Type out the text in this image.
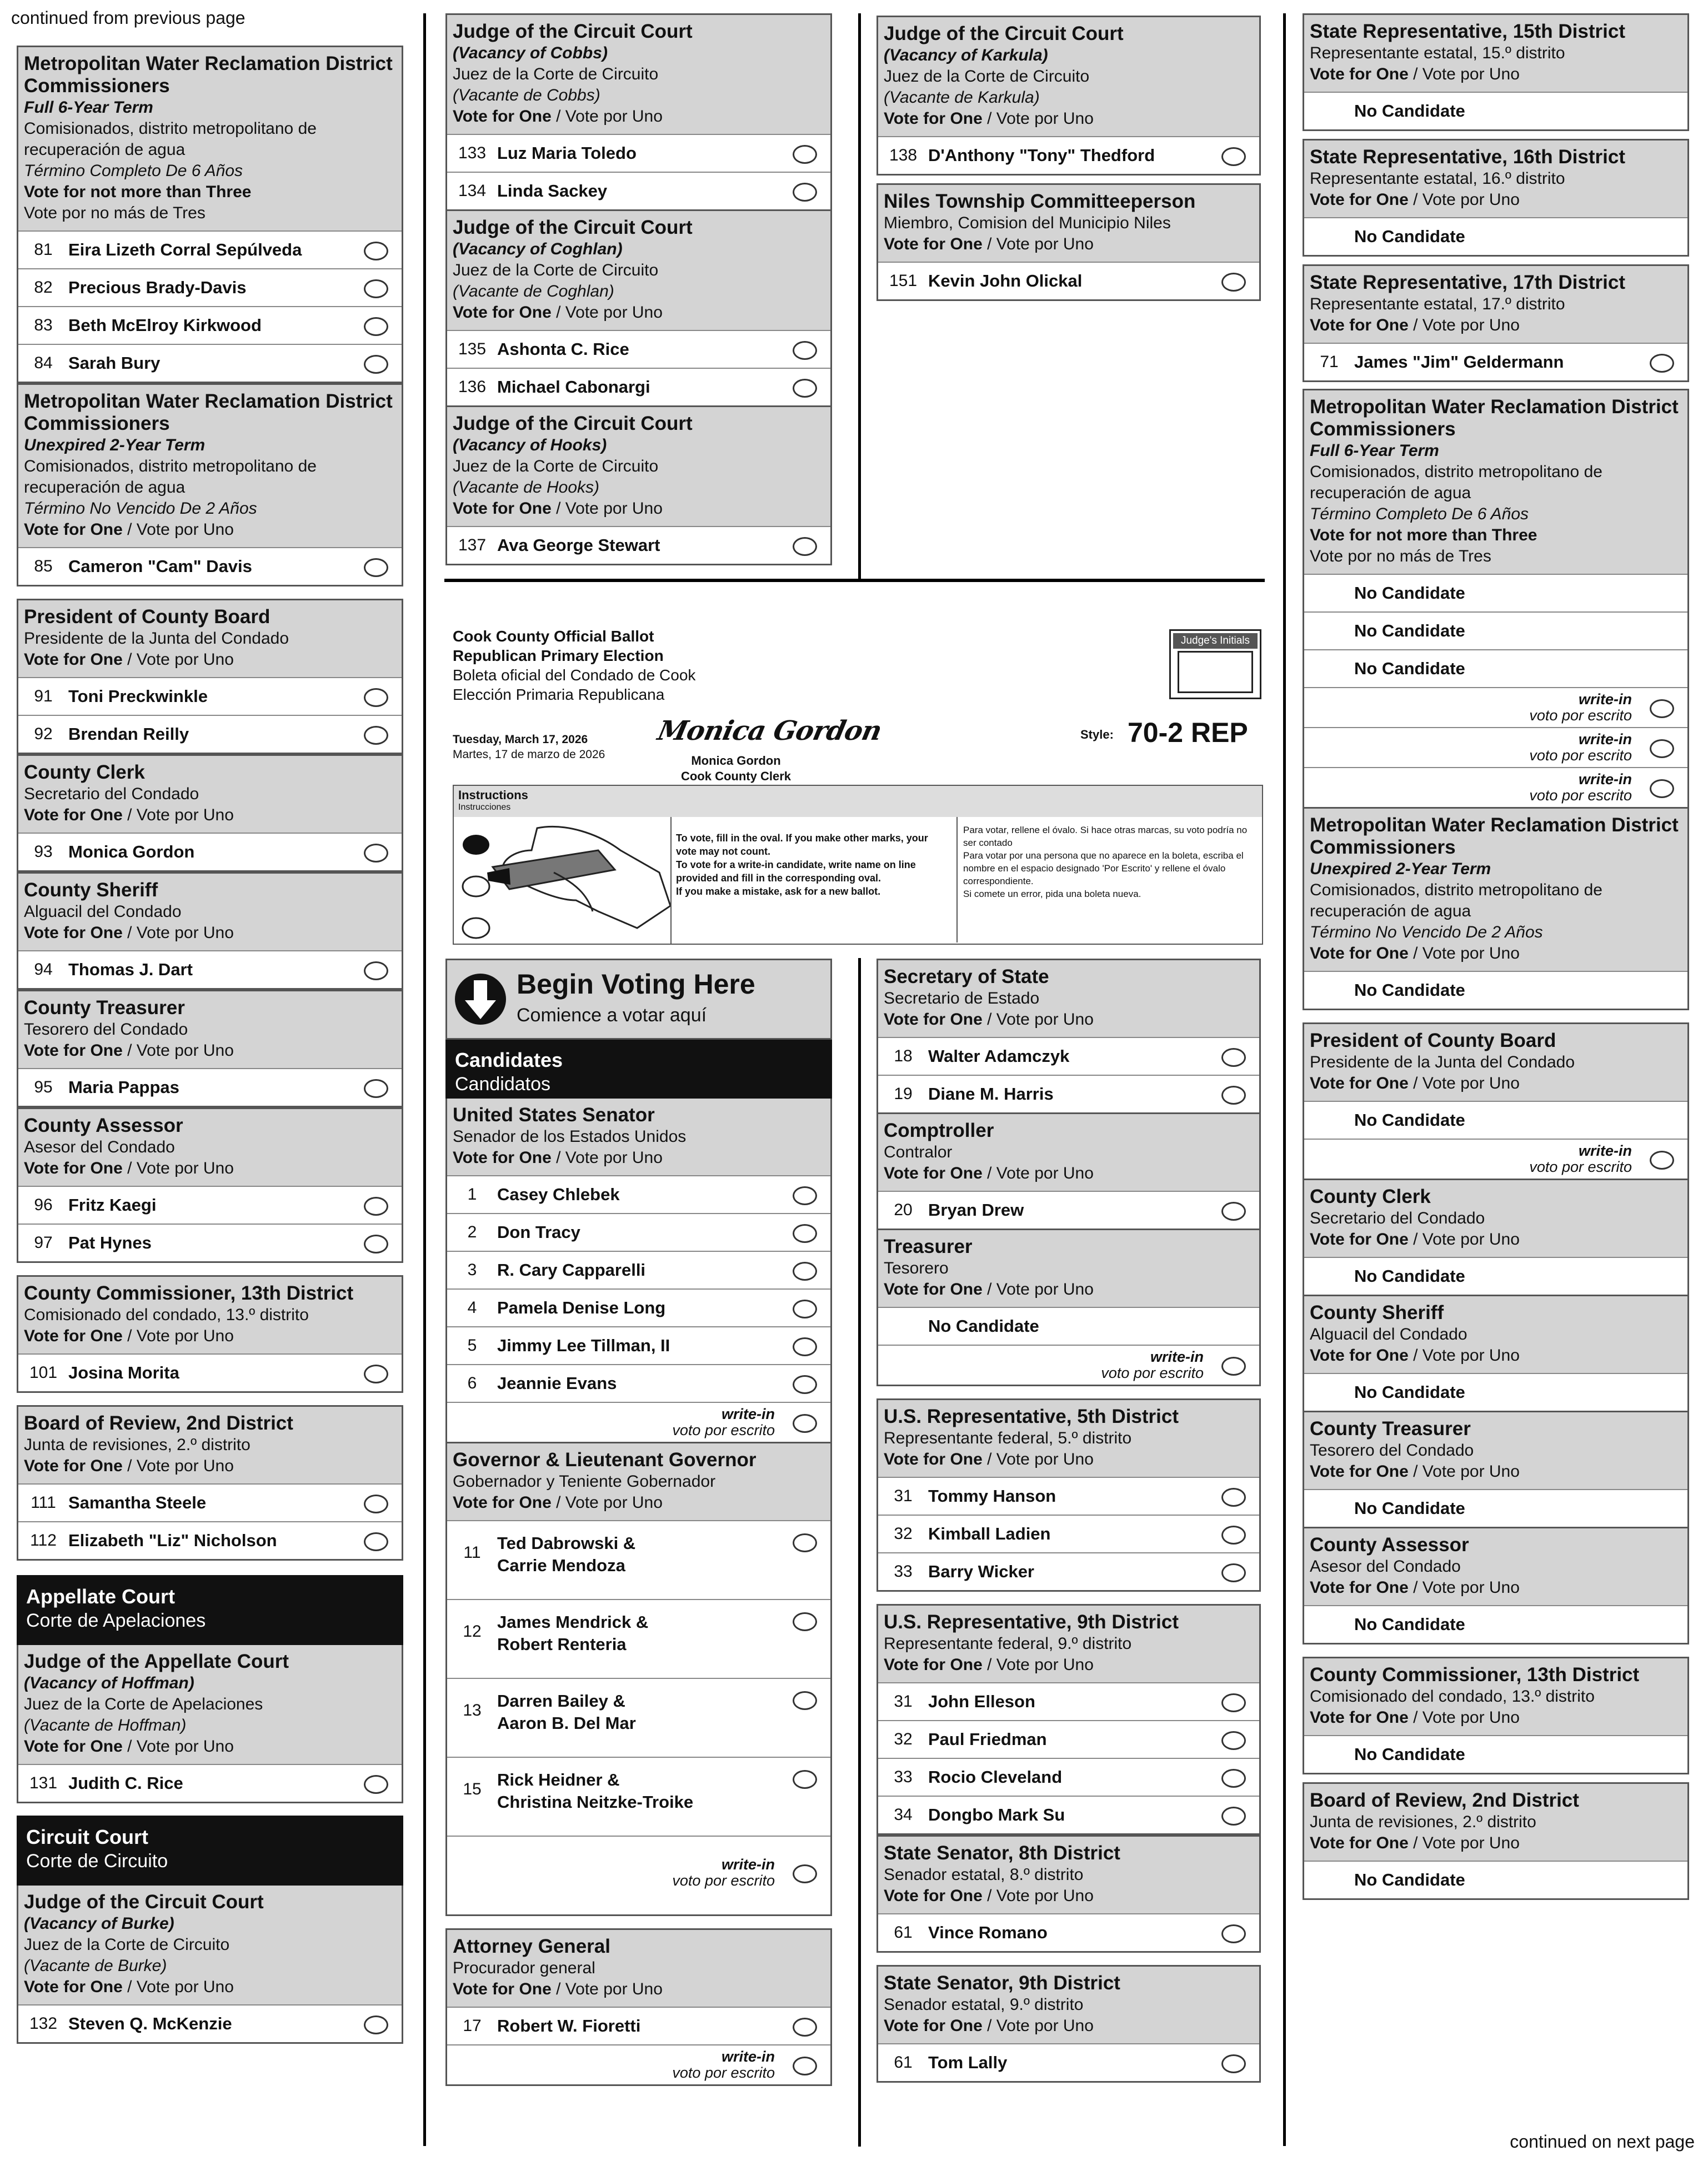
continued from previous page
continued on next page
Metropolitan Water Reclamation District Commissioners
Full 6-Year Term
Comisionados, distrito metropolitano de recuperación de agua
Término Completo De 6 Años
Vote for not more than Three
Vote por no más de Tres
81 Eira Lizeth Corral Sepúlveda
82 Precious Brady-Davis
83 Beth McElroy Kirkwood
84 Sarah Bury
Metropolitan Water Reclamation District Commissioners
Unexpired 2-Year Term
Comisionados, distrito metropolitano de recuperación de agua
Término No Vencido De 2 Años
Vote for One / Vote por Uno
85 Cameron "Cam" Davis
President of County Board
Presidente de la Junta del Condado
Vote for One / Vote por Uno
91 Toni Preckwinkle
92 Brendan Reilly
County Clerk
Secretario del Condado
Vote for One / Vote por Uno
93 Monica Gordon
County Sheriff
Alguacil del Condado
Vote for One / Vote por Uno
94 Thomas J. Dart
County Treasurer
Tesorero del Condado
Vote for One / Vote por Uno
95 Maria Pappas
County Assessor
Asesor del Condado
Vote for One / Vote por Uno
96 Fritz Kaegi
97 Pat Hynes
County Commissioner, 13th District
Comisionado del condado, 13.º distrito
Vote for One / Vote por Uno
101 Josina Morita
Board of Review, 2nd District
Junta de revisiones, 2.º distrito
Vote for One / Vote por Uno
111 Samantha Steele
112 Elizabeth "Liz" Nicholson
Appellate Court
Corte de Apelaciones
Judge of the Appellate Court
(Vacancy of Hoffman)
Juez de la Corte de Apelaciones
(Vacante de Hoffman)
Vote for One / Vote por Uno
131 Judith C. Rice
Circuit Court
Corte de Circuito
Judge of the Circuit Court
(Vacancy of Burke)
Juez de la Corte de Circuito
(Vacante de Burke)
Vote for One / Vote por Uno
132 Steven Q. McKenzie
Judge of the Circuit Court
(Vacancy of Cobbs)
Juez de la Corte de Circuito
(Vacante de Cobbs)
Vote for One / Vote por Uno
133 Luz Maria Toledo
134 Linda Sackey
Judge of the Circuit Court
(Vacancy of Coghlan)
Juez de la Corte de Circuito
(Vacante de Coghlan)
Vote for One / Vote por Uno
135 Ashonta C. Rice
136 Michael Cabonargi
Judge of the Circuit Court
(Vacancy of Hooks)
Juez de la Corte de Circuito
(Vacante de Hooks)
Vote for One / Vote por Uno
137 Ava George Stewart
Judge of the Circuit Court
(Vacancy of Karkula)
Juez de la Corte de Circuito
(Vacante de Karkula)
Vote for One / Vote por Uno
138 D'Anthony "Tony" Thedford
Niles Township Committeeperson
Miembro, Comision del Municipio Niles
Vote for One / Vote por Uno
151 Kevin John Olickal
Cook County Official Ballot
Republican Primary Election
Boleta oficial del Condado de Cook
Elección Primaria Republicana
Tuesday, March 17, 2026
Martes, 17 de marzo de 2026
Monica Gordon
Monica Gordon
Cook County Clerk
Judge's Initials
Style: 70-2 REP
Instructions
Instrucciones
To vote, fill in the oval. If you make other marks, your vote may not count.
To vote for a write-in candidate, write name on line provided and fill in the corresponding oval.
If you make a mistake, ask for a new ballot.
Para votar, rellene el óvalo. Si hace otras marcas, su voto podría no ser contado
Para votar por una persona que no aparece en la boleta, escriba el nombre en el espacio designado 'Por Escrito' y rellene el óvalo correspondiente.
Si comete un error, pida una boleta nueva.
Begin Voting Here
Comience a votar aquí
Candidates
Candidatos
United States Senator
Senador de los Estados Unidos
Vote for One / Vote por Uno
1	Casey Chlebek
2	Don Tracy
3	R. Cary Capparelli
4	Pamela Denise Long
5	Jimmy Lee Tillman, II
6	Jeannie Evans
write-in
voto por escrito
Governor & Lieutenant Governor
Gobernador y Teniente Gobernador
Vote for One / Vote por Uno
11 Ted Dabrowski &
Carrie Mendoza
12 James Mendrick &
Robert Renteria
13 Darren Bailey &
Aaron B. Del Mar
15 Rick Heidner &
Christina Neitzke-Troike
write-in
voto por escrito
Attorney General
Procurador general
Vote for One / Vote por Uno
17 Robert W. Fioretti
write-in
voto por escrito
Secretary of State
Secretario de Estado
Vote for One / Vote por Uno
18 Walter Adamczyk
19 Diane M. Harris
Comptroller
Contralor
Vote for One / Vote por Uno
20 Bryan Drew
Treasurer
Tesorero
Vote for One / Vote por Uno
No Candidate
write-in
voto por escrito
U.S. Representative, 5th District
Representante federal, 5.º distrito
Vote for One / Vote por Uno
31 Tommy Hanson
32 Kimball Ladien
33 Barry Wicker
U.S. Representative, 9th District
Representante federal, 9.º distrito
Vote for One / Vote por Uno
31 John Elleson
32 Paul Friedman
33 Rocio Cleveland
34 Dongbo Mark Su
State Senator, 8th District
Senador estatal, 8.º distrito
Vote for One / Vote por Uno
61 Vince Romano
State Senator, 9th District
Senador estatal, 9.º distrito
Vote for One / Vote por Uno
61 Tom Lally
State Representative, 15th District
Representante estatal, 15.º distrito
Vote for One / Vote por Uno
No Candidate
State Representative, 16th District
Representante estatal, 16.º distrito
Vote for One / Vote por Uno
No Candidate
State Representative, 17th District
Representante estatal, 17.º distrito
Vote for One / Vote por Uno
71 James "Jim" Geldermann
Metropolitan Water Reclamation District Commissioners
Full 6-Year Term
Comisionados, distrito metropolitano de recuperación de agua
Término Completo De 6 Años
Vote for not more than Three
Vote por no más de Tres
No Candidate
No Candidate
No Candidate
write-in
voto por escrito
write-in
voto por escrito
write-in
voto por escrito
Metropolitan Water Reclamation District Commissioners
Unexpired 2-Year Term
Comisionados, distrito metropolitano de recuperación de agua
Término No Vencido De 2 Años
Vote for One / Vote por Uno
No Candidate
President of County Board
Presidente de la Junta del Condado
Vote for One / Vote por Uno
No Candidate
write-in
voto por escrito
County Clerk
Secretario del Condado
Vote for One / Vote por Uno
No Candidate
County Sheriff
Alguacil del Condado
Vote for One / Vote por Uno
No Candidate
County Treasurer
Tesorero del Condado
Vote for One / Vote por Uno
No Candidate
County Assessor
Asesor del Condado
Vote for One / Vote por Uno
No Candidate
County Commissioner, 13th District
Comisionado del condado, 13.º distrito
Vote for One / Vote por Uno
No Candidate
Board of Review, 2nd District
Junta de revisiones, 2.º distrito
Vote for One / Vote por Uno
No Candidate
